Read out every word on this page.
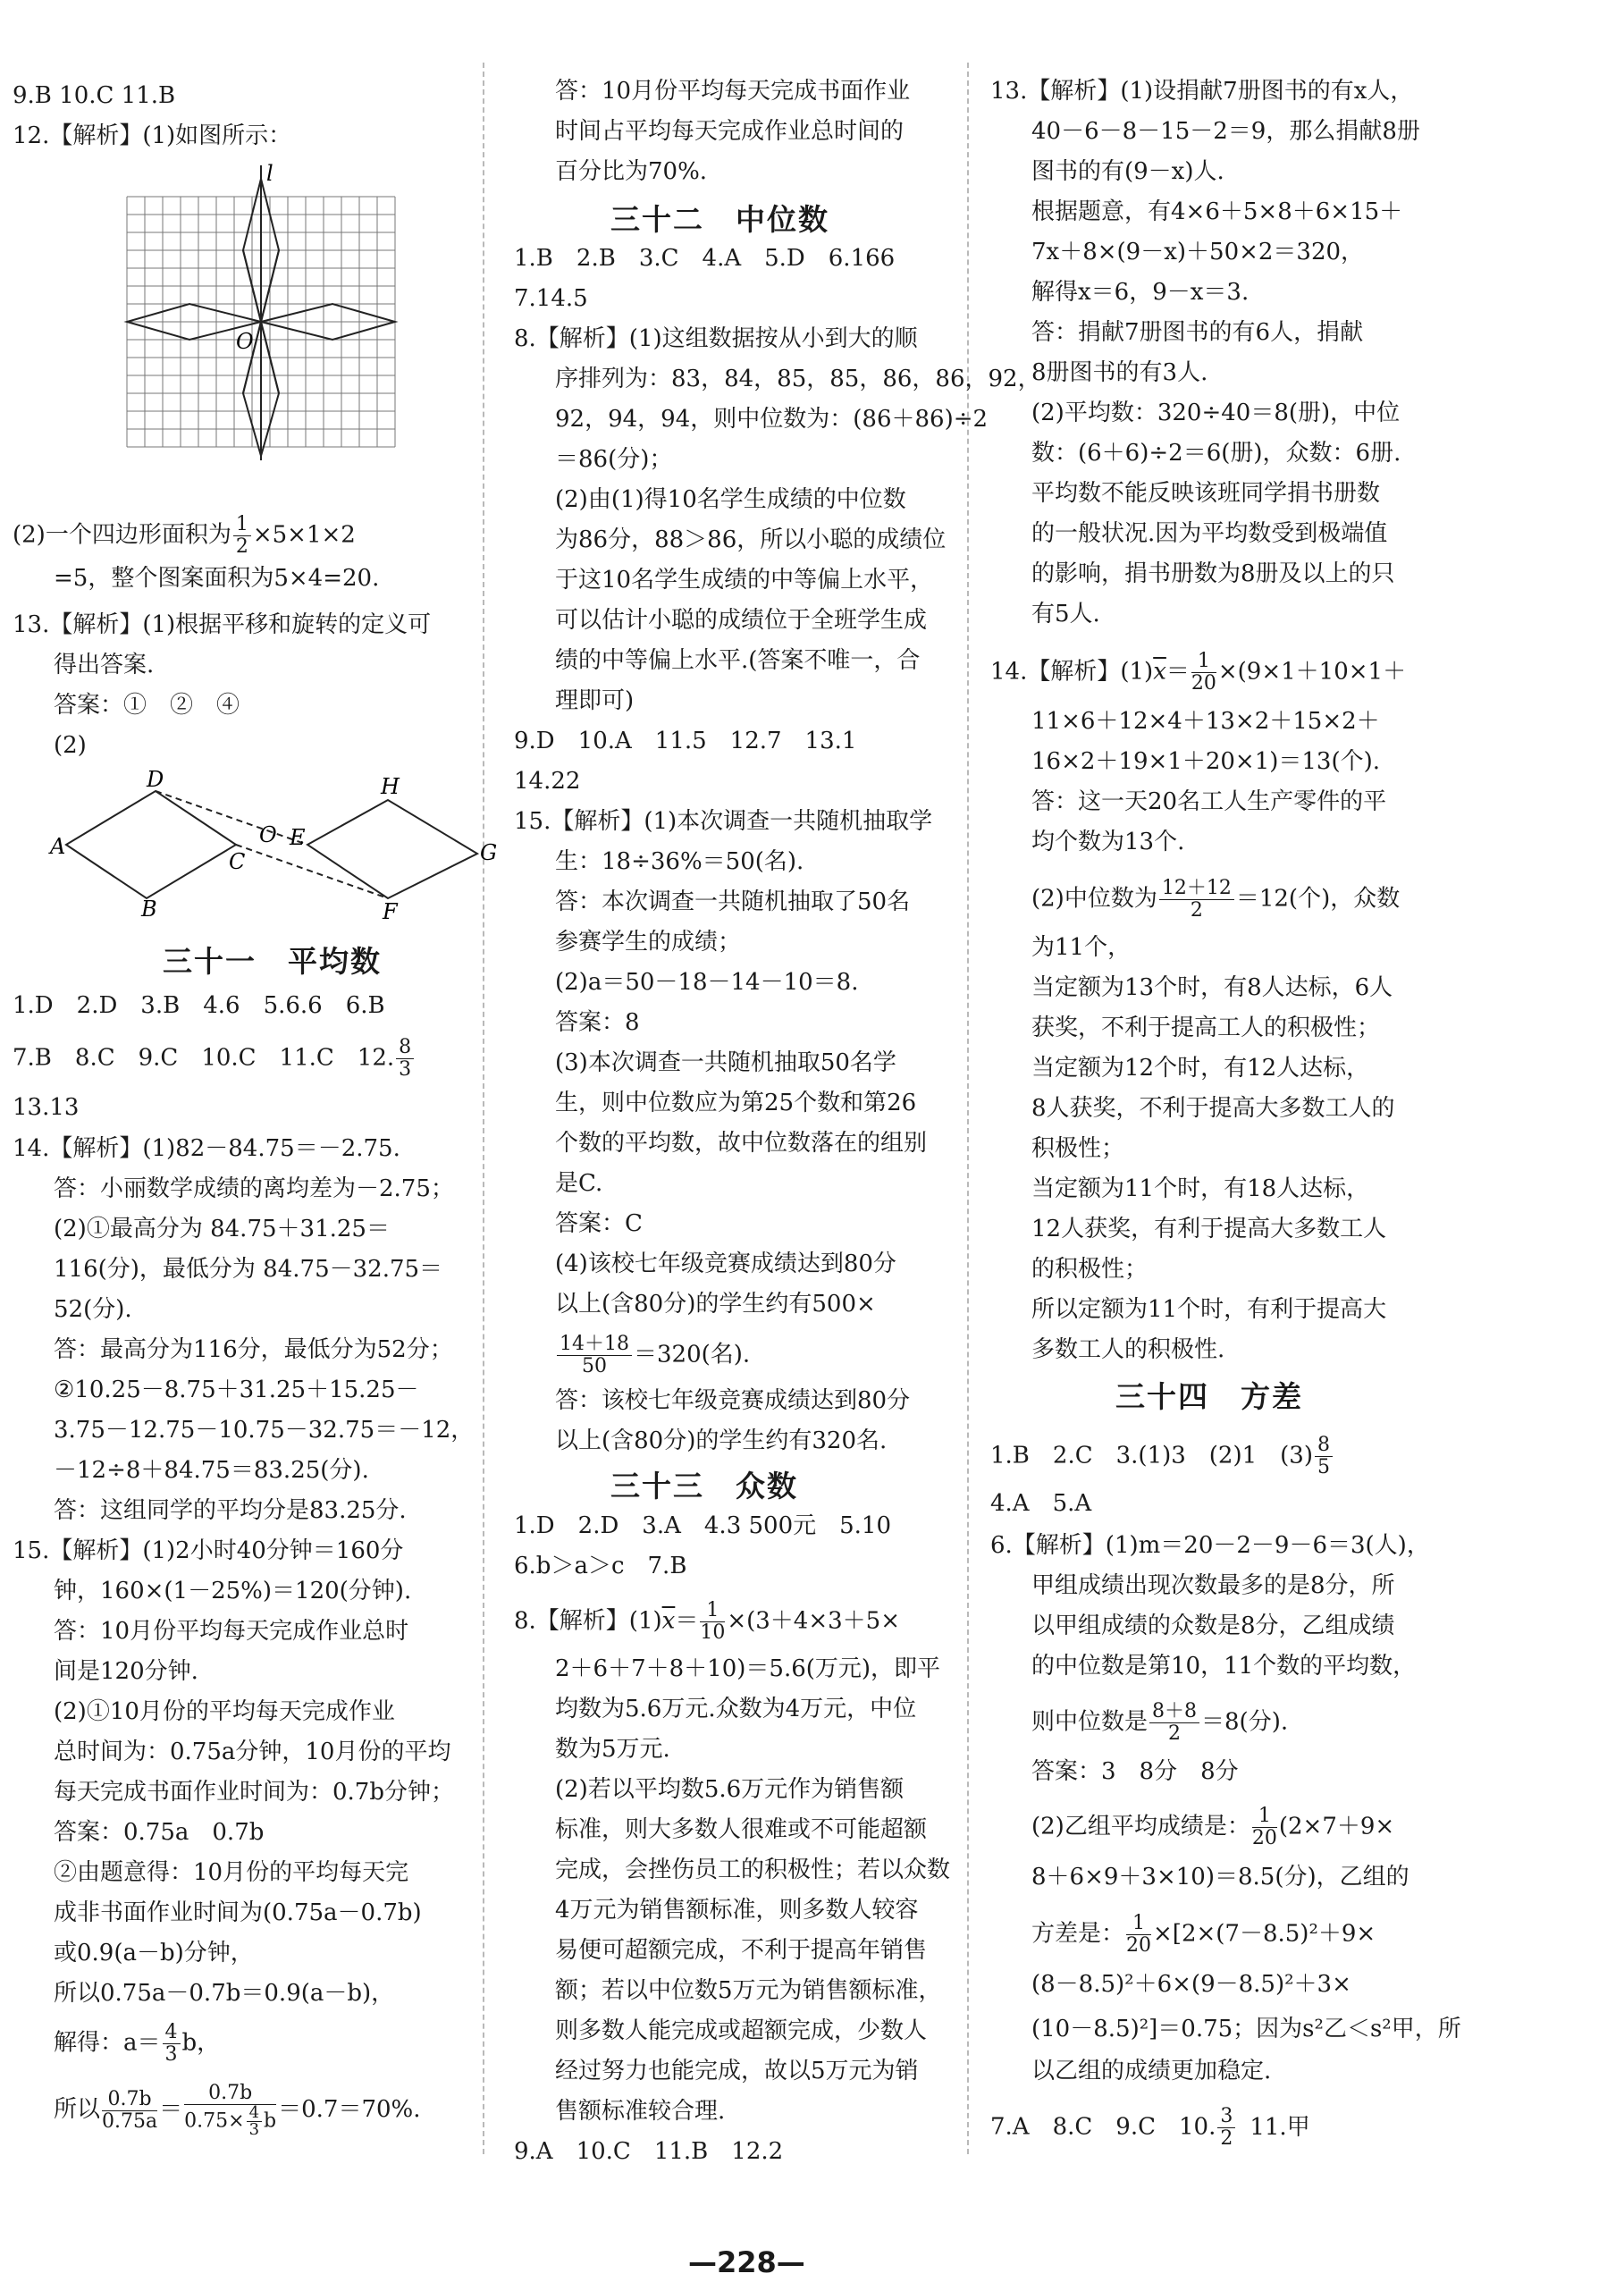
9.B 10.C 11.B
12.【解析】(1)如图所示：
l
O
(2)一个四边形面积为 $\frac{1}{2} \times 5\times 1\times 2$
=5，整个图案面积为5×4=20.
13.【解析】(1)根据平移和旋转的定义可
得出答案.
答案：①　②　④
(2)
A
D
C
B
O E
H
G
F
三十一　平均数
1.D　2.D　3.B　4.6　5.6.6　6.B
7.B　8.C　9.C　10.C　11.C　12. $\frac{8}{3}$
13.13
14.【解析】(1)82－84.75＝－2.75.
答：小丽数学成绩的离均差为－2.75；
(2)①最高分为 84.75＋31.25＝
116(分)，最低分为 84.75－32.75＝
52(分).
答：最高分为116分，最低分为52分；
②10.25－8.75＋31.25＋15.25－
3.75－12.75－10.75－32.75＝－12，
－12÷8＋84.75＝83.25(分).
答：这组同学的平均分是83.25分.
15.【解析】(1)2小时40分钟＝160分
钟，160×(1－25%)＝120(分钟).
答：10月份平均每天完成作业总时
间是120分钟.
(2)①10月份的平均每天完成作业
总时间为：0.75a分钟，10月份的平均
每天完成书面作业时间为：0.7b分钟；
答案：0.75a　0.7b
②由题意得：10月份的平均每天完
成非书面作业时间为(0.75a－0.7b)
或0.9(a－b)分钟，
所以0.75a－0.7b＝0.9(a－b)，
解得：$a= \frac{4}{3}$ b，
所以 $\frac{0.7b}{0.75a} = \frac{0.7b}{0.75\times \frac{4}{3} b} =0.7=70\%$.
答：10月份平均每天完成书面作业
时间占平均每天完成作业总时间的
百分比为70%.
三十二　中位数
1.B　2.B　3.C　4.A　5.D　6.166
7.14.5
8.【解析】(1)这组数据按从小到大的顺
序排列为：83，84，85，85，86，86，92，
92，94，94，则中位数为：(86＋86)÷2
＝86(分)；
(2)由(1)得10名学生成绩的中位数
为86分，88＞86，所以小聪的成绩位
于这10名学生成绩的中等偏上水平，
可以估计小聪的成绩位于全班学生成
绩的中等偏上水平.(答案不唯一，合
理即可)
9.D　10.A　11.5　12.7　13.1
14.22
15.【解析】(1)本次调查一共随机抽取学
生：18÷36%＝50(名).
答：本次调查一共随机抽取了50名
参赛学生的成绩；
(2)a＝50－18－14－10＝8.
答案：8
(3)本次调查一共随机抽取50名学
生，则中位数应为第25个数和第26
个数的平均数，故中位数落在的组别
是C.
答案：C
(4)该校七年级竞赛成绩达到80分
以上(含80分)的学生约有500×
$\frac{14+18}{50} =320$(名).
答：该校七年级竞赛成绩达到80分
以上(含80分)的学生约有320名.
三十三　众数
1.D　2.D　3.A　4.3 500元　5.10
6.b＞a＞c　7.B
8.【解析】$(1)\overline{x}= \frac{1}{10} \times(3+4\times 3+5\times$
2＋6＋7＋8＋10)＝5.6(万元)，即平
均数为5.6万元.众数为4万元，中位
数为5万元.
(2)若以平均数5.6万元作为销售额
标准，则大多数人很难或不可能超额
完成，会挫伤员工的积极性；若以众数
4万元为销售额标准，则多数人较容
易便可超额完成，不利于提高年销售
额；若以中位数5万元为销售额标准，
则多数人能完成或超额完成，少数人
经过努力也能完成，故以5万元为销
售额标准较合理.
9.A　10.C　11.B　12.2
13.【解析】(1)设捐献7册图书的有x人，
40－6－8－15－2＝9，那么捐献8册
图书的有(9－x)人.
根据题意，有4×6＋5×8＋6×15＋
7x＋8×(9－x)＋50×2＝320，
解得x＝6，9－x＝3.
答：捐献7册图书的有6人，捐献
8册图书的有3人.
(2)平均数：320÷40＝8(册)，中位
数：(6＋6)÷2＝6(册)，众数：6册.
平均数不能反映该班同学捐书册数
的一般状况.因为平均数受到极端值
的影响，捐书册数为8册及以上的只
有5人.
14.【解析】$(1)\overline{x}= \frac{1}{20} \times(9\times 1+10\times 1+$
11×6＋12×4＋13×2＋15×2＋
16×2＋19×1＋20×1)＝13(个).
答：这一天20名工人生产零件的平
均个数为13个.
(2)中位数为 $\frac{12+12}{2} =12$(个)，众数
为11个，
当定额为13个时，有8人达标，6人
获奖，不利于提高工人的积极性；
当定额为12个时，有12人达标，
8人获奖，不利于提高大多数工人的
积极性；
当定额为11个时，有18人达标，
12人获奖，有利于提高大多数工人
的积极性；
所以定额为11个时，有利于提高大
多数工人的积极性.
三十四　方差
1.B　2.C　3.(1)3　(2)1　$(3) \frac{8}{5}$
4.A　5.A
6.【解析】(1)m＝20－2－9－6＝3(人)，
甲组成绩出现次数最多的是8分，所
以甲组成绩的众数是8分，乙组成绩
的中位数是第10，11个数的平均数，
则中位数是 $\frac{8+8}{2} =8$(分).
答案：3　8分　8分
(2)乙组平均成绩是： $\frac{1}{20} (2\times 7+9\times$
8＋6×9＋3×10)＝8.5(分)，乙组的
方差是： $\frac{1}{20} \times[2\times(7-8.5)^2+9\times$
(8－8.5)²＋6×(9－8.5)²＋3×
(10－8.5)²]＝0.75；因为s²乙＜s²甲，所
以乙组的成绩更加稳定.
7.A　8.C　9.C　10. $\frac{3}{2} 11$.甲
—228—
